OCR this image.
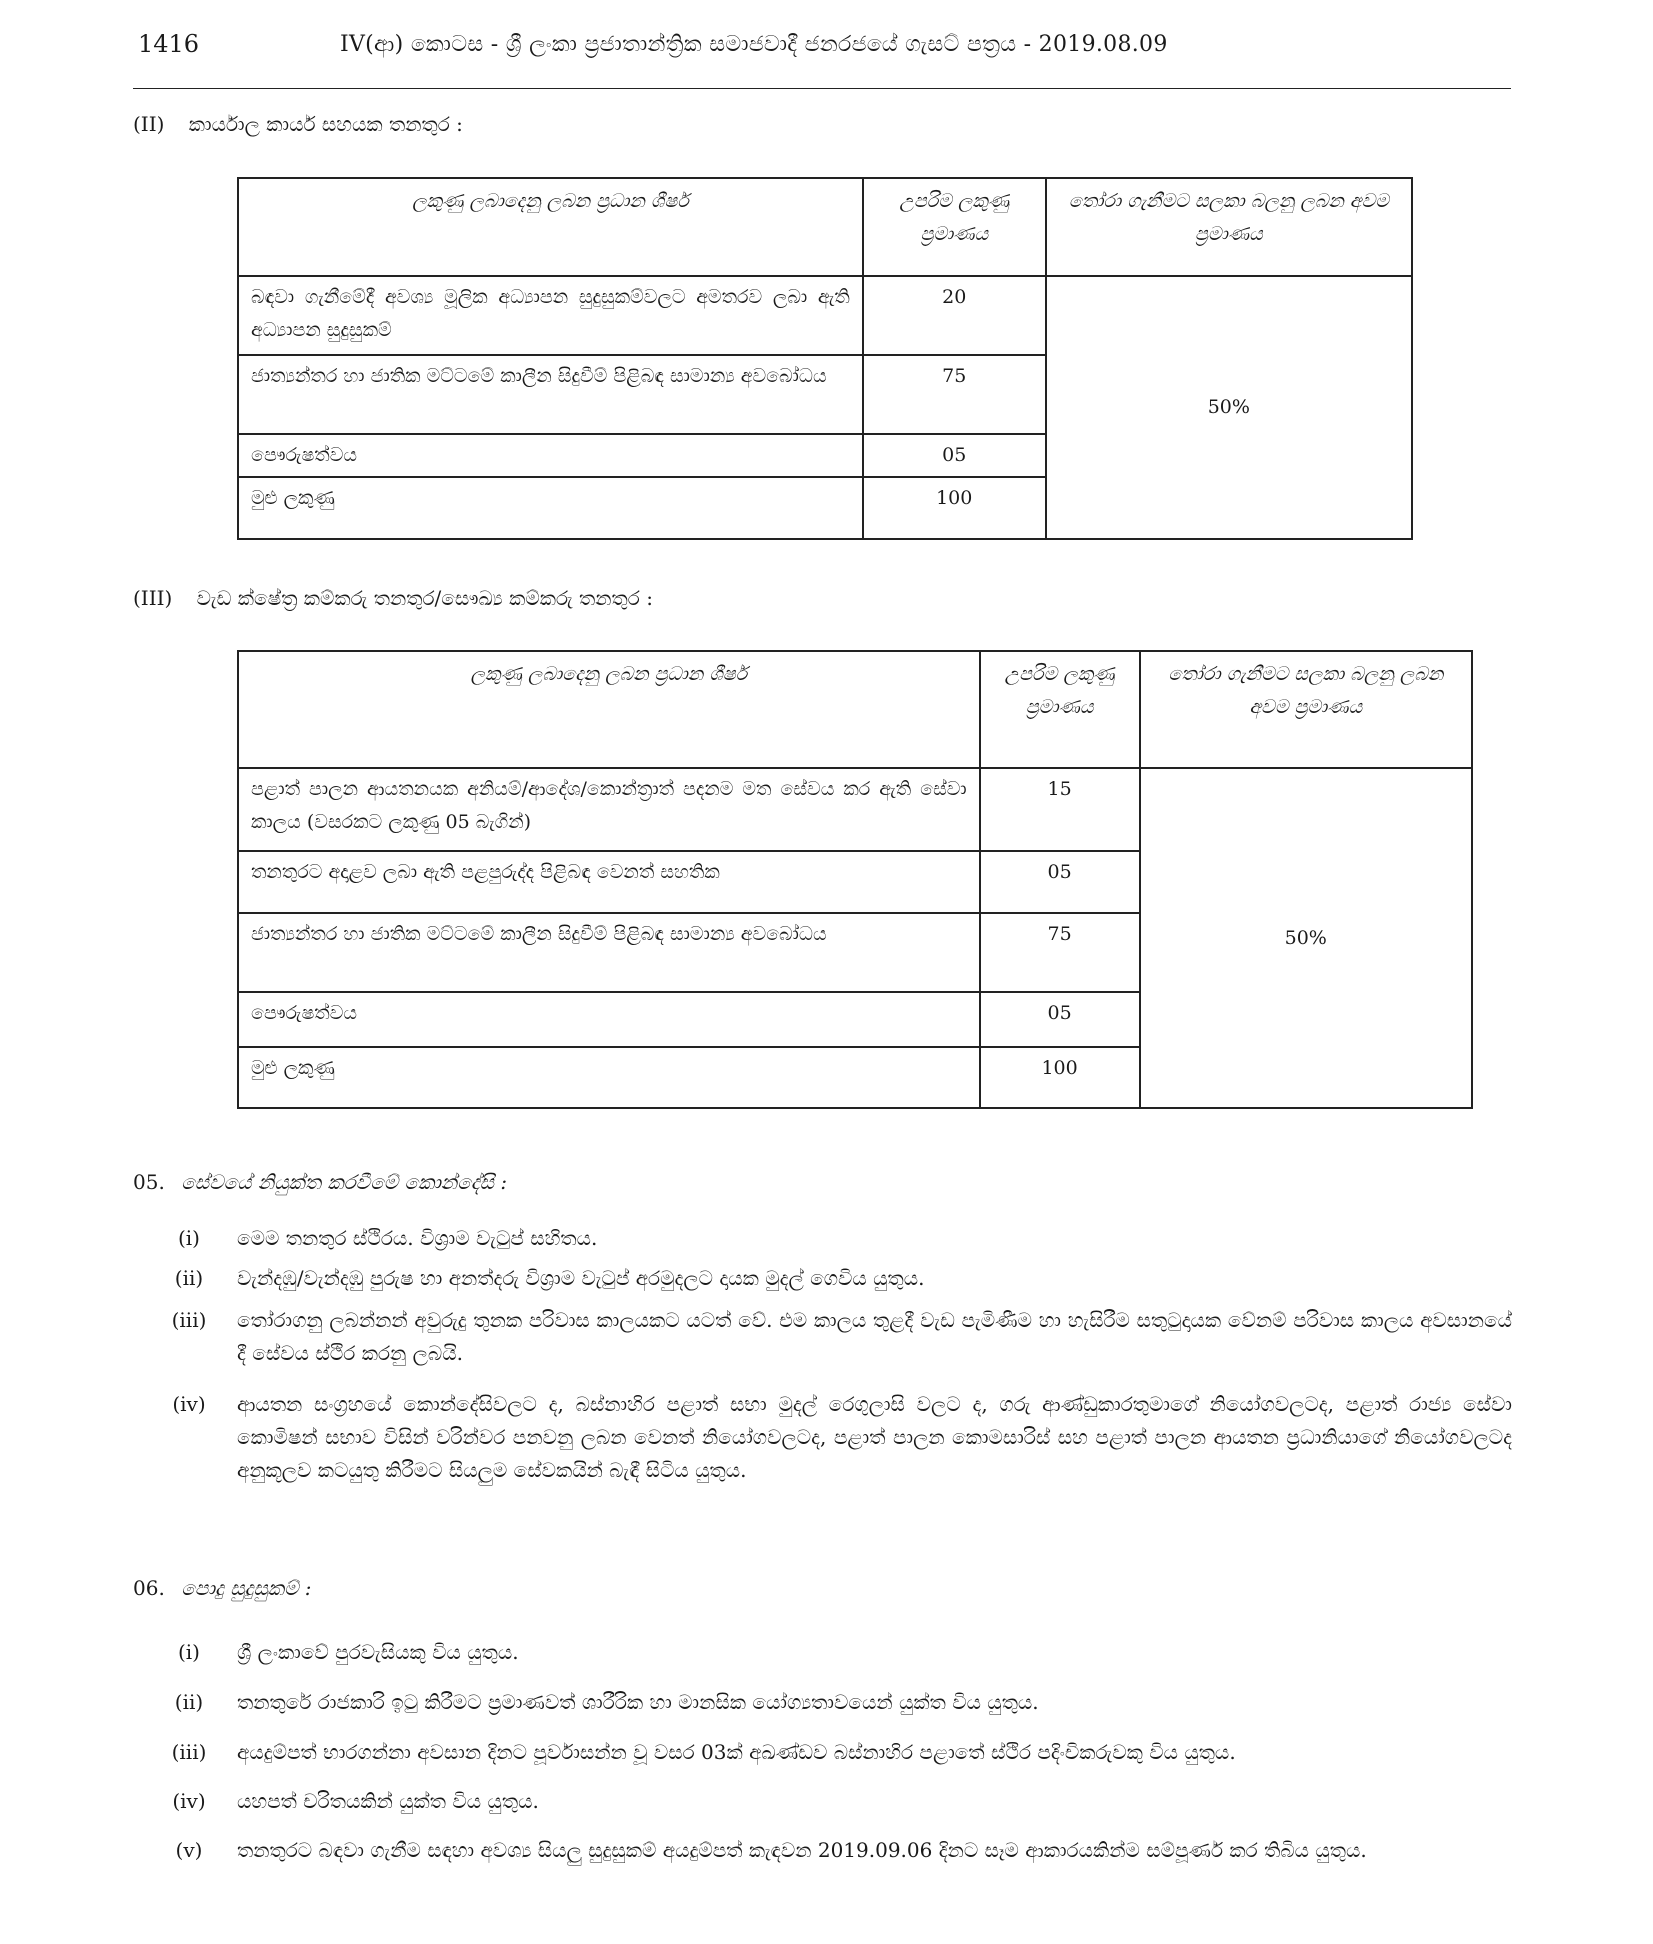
1416	IV(ආ) කොටස - ශ්‍රී ලංකා ප්‍රජාතාන්ත්‍රික සමාජවාදී ජනරජයේ ගැසට් පත්‍රය - 2019.08.09
(II) කාර්යාල කාර්ය සහයක තනතුර :
ලකුණු ලබාදෙනු ලබන ප්‍රධාන ශීර්ෂ	උපරිම ලකුණු ප්‍රමාණය	තෝරා ගැනීමට සලකා බලනු ලබන අවම ප්‍රමාණය
බඳවා ගැනීමේදී අවශ්‍ය මූලික අධ්‍යාපන සුදුසුකම්වලට අමතරව ලබා ඇති අධ්‍යාපන සුදුසුකම්	20	50%
ජාත්‍යන්තර හා ජාතික මට්ටමේ කාලීන සිදුවීම් පිළිබඳ සාමාන්‍ය අවබෝධය	75	
පෞරුෂත්වය	05	
මුළු ලකුණු	100	
(III) වැඩ ක්ෂේත්‍ර කම්කරු තනතුර/සෞඛ්‍ය කම්කරු තනතුර :
ලකුණු ලබාදෙනු ලබන ප්‍රධාන ශීර්ෂ	උපරිම ලකුණු ප්‍රමාණය	තෝරා ගැනීමට සලකා බලනු ලබන අවම ප්‍රමාණය
පළාත් පාලන ආයතනයක අනියම්/ආදේශ/කොන්ත්‍රාත් පදනම මත සේවය කර ඇති සේවා කාලය (වසරකට ලකුණු 05 බැගින්)	15	50%
තනතුරට අදාළව ලබා ඇති පළපුරුද්ද පිළිබඳ වෙනත් සහතික	05	
ජාත්‍යන්තර හා ජාතික මට්ටමේ කාලීන සිදුවීම් පිළිබඳ සාමාන්‍ය අවබෝධය	75	
පෞරුෂත්වය	05	
මුළු ලකුණු	100	
05. සේවයේ නියුක්ත කරවීමේ කොන්දේසි :
(i)	මෙම තනතුර ස්ථිරය. විශ්‍රාම වැටුප් සහිතය.
(ii)	වැන්දඹු/වැන්දඹු පුරුෂ හා අනත්දරු විශ්‍රාම වැටුප් අරමුදලට දායක මුදල් ගෙවිය යුතුය.
(iii)	තෝරාගනු ලබන්නන් අවුරුදු තුනක පරිවාස කාලයකට යටත් වේ. එම කාලය තුළදී වැඩ පැමිණීම හා හැසිරීම සතුටුදායක වේනම් පරිවාස කාලය අවසානයේ දී සේවය ස්ථිර කරනු ලබයි.
(iv)	ආයතන සංග්‍රහයේ කොන්දේසිවලට ද, බස්නාහිර පළාත් සභා මුදල් රෙගුලාසි වලට ද, ගරු ආණ්ඩුකාරතුමාගේ නියෝගවලටද, පළාත් රාජ්‍ය සේවා කොමිෂන් සභාව විසින් වරින්වර පනවනු ලබන වෙනත් නියෝගවලටද, පළාත් පාලන කොමසාරිස් සහ පළාත් පාලන ආයතන ප්‍රධානියාගේ නියෝගවලටද අනුකූලව කටයුතු කිරීමට සියලුම සේවකයින් බැඳී සිටිය යුතුය.
06. පොදු සුදුසුකම් :
(i)	ශ්‍රී ලංකාවේ පුරවැසියකු විය යුතුය.
(ii)	තනතුරේ රාජකාරි ඉටු කිරීමට ප්‍රමාණවත් ශාරීරික හා මානසික යෝග්‍යතාවයෙන් යුක්ත විය යුතුය.
(iii)	අයදුම්පත් භාරගන්නා අවසාන දිනට පූර්වාසන්න වූ වසර 03ක් අඛණ්ඩව බස්නාහිර පළාතේ ස්ථිර පදිංචිකරුවකු විය යුතුය.
(iv)	යහපත් චරිතයකින් යුක්ත විය යුතුය.
(v)	තනතුරට බඳවා ගැනීම සඳහා අවශ්‍ය සියලු සුදුසුකම් අයදුම්පත් කැඳවන 2019.09.06 දිනට සෑම ආකාරයකින්ම සම්පූර්ණ කර තිබිය යුතුය.
